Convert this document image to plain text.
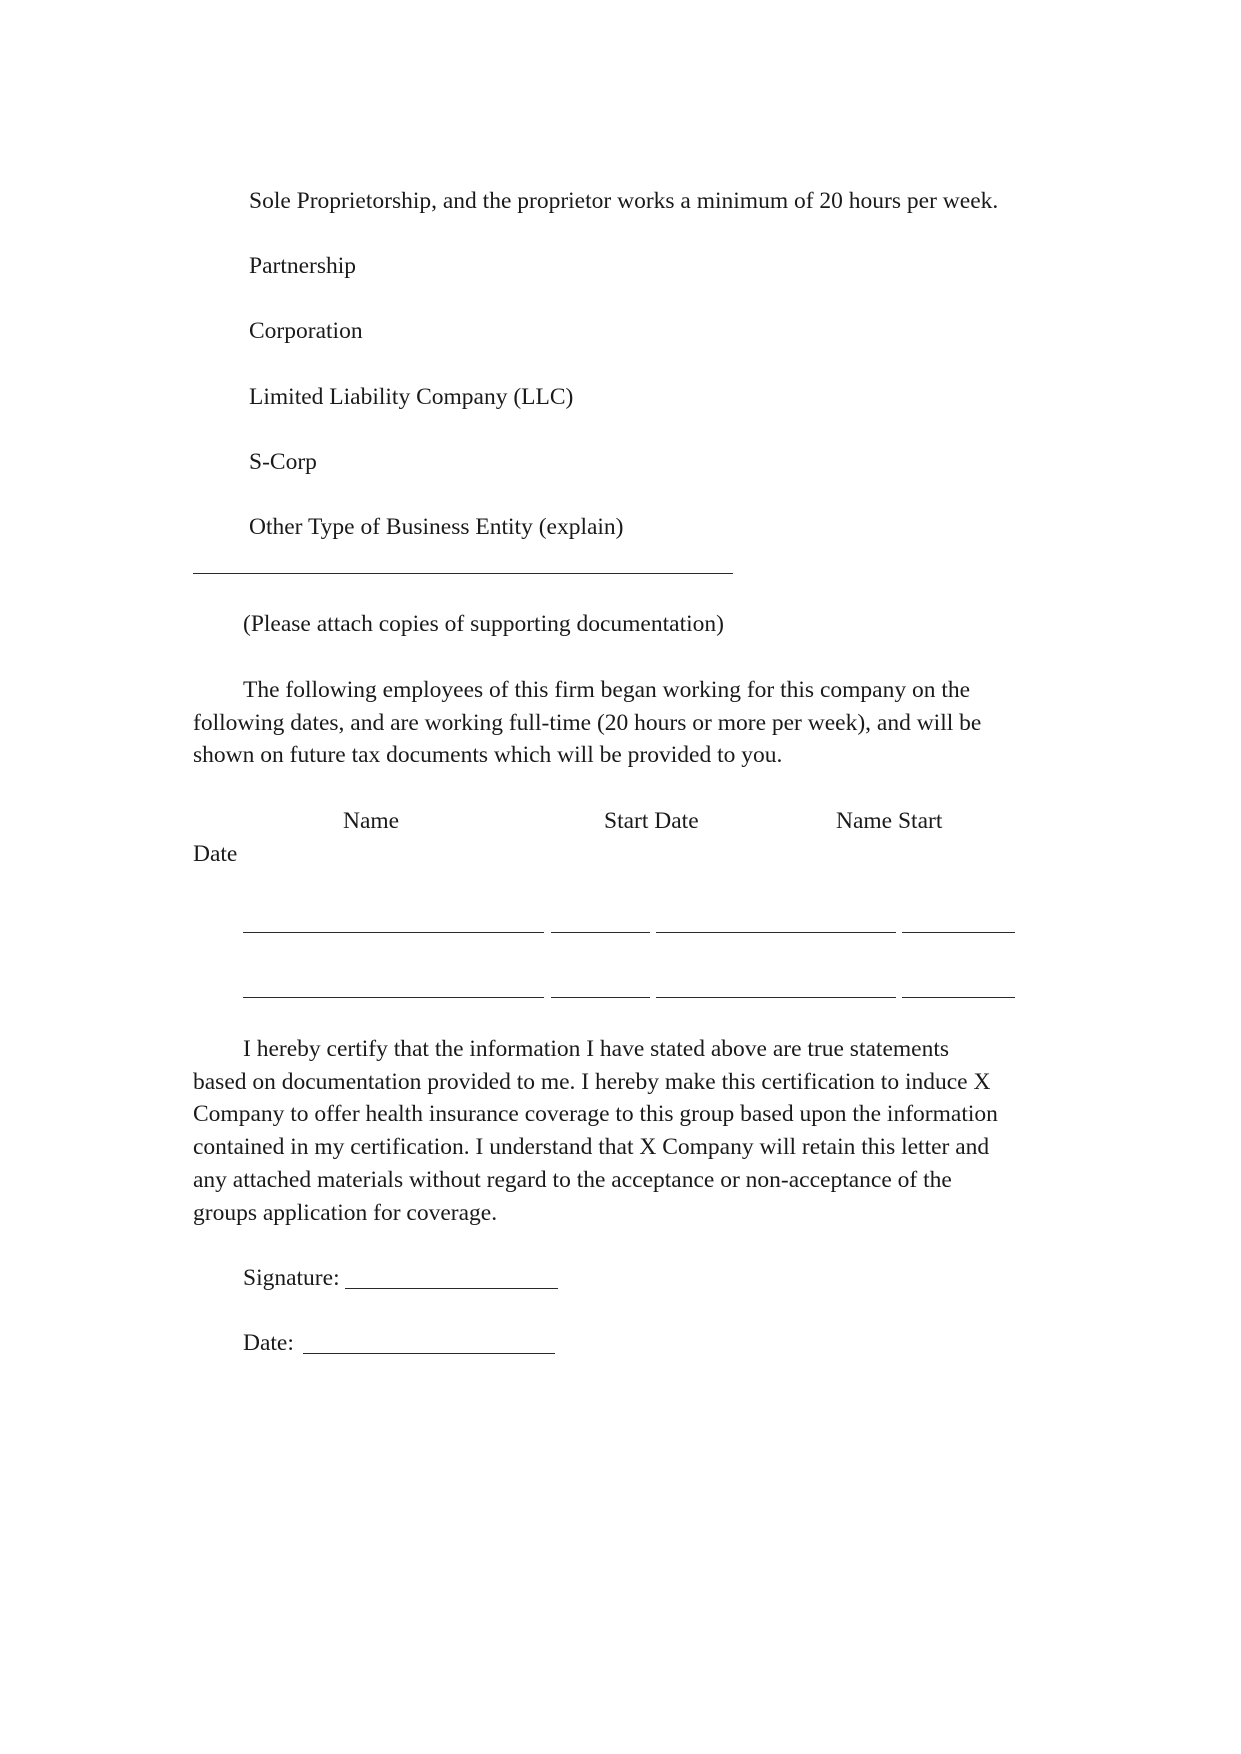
Sole Proprietorship, and the proprietor works a minimum of 20 hours per week.
Partnership
Corporation
Limited Liability Company (LLC)
S-Corp
Other Type of Business Entity (explain)
(Please attach copies of supporting documentation)
The following employees of this firm began working for this company on the
following dates, and are working full-time (20 hours or more per week), and will be
shown on future tax documents which will be provided to you.
Name	Start Date	Name Start
Date
I hereby certify that the information I have stated above are true statements
based on documentation provided to me. I hereby make this certification to induce X
Company to offer health insurance coverage to this group based upon the information
contained in my certification. I understand that X Company will retain this letter and
any attached materials without regard to the acceptance or non-acceptance of the
groups application for coverage.
Signature:
Date:
